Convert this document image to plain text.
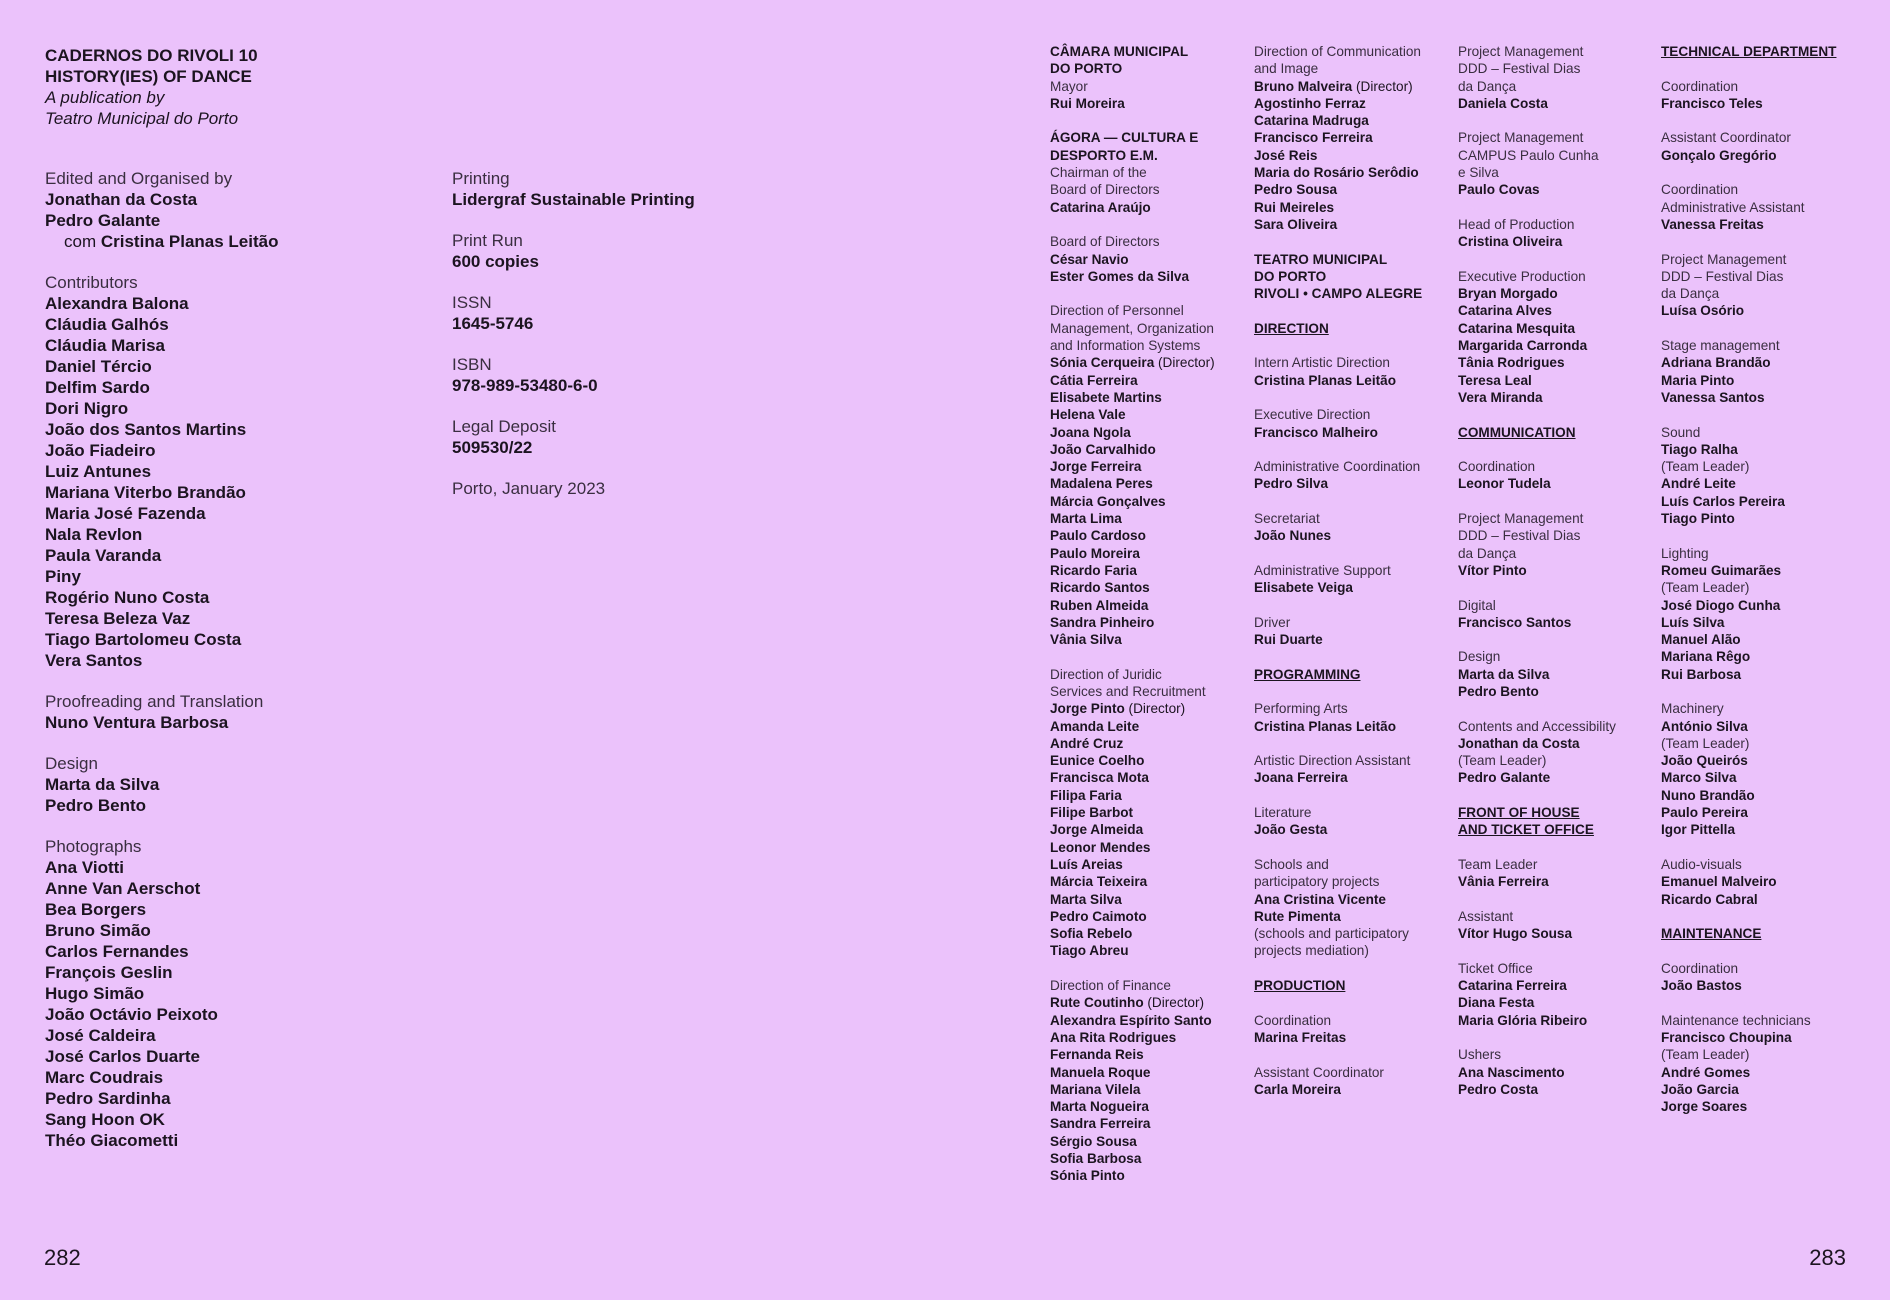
CADERNOS DO RIVOLI 10
HISTORY(IES) OF DANCE
A publication by
Teatro Municipal do Porto
Edited and Organised by
Jonathan da Costa
Pedro Galante
com Cristina Planas Leitão
Contributors
Alexandra Balona
Cláudia Galhós
Cláudia Marisa
Daniel Tércio
Delfim Sardo
Dori Nigro
João dos Santos Martins
João Fiadeiro
Luiz Antunes
Mariana Viterbo Brandão
Maria José Fazenda
Nala Revlon
Paula Varanda
Piny
Rogério Nuno Costa
Teresa Beleza Vaz
Tiago Bartolomeu Costa
Vera Santos
Proofreading and Translation
Nuno Ventura Barbosa
Design
Marta da Silva
Pedro Bento
Photographs
Ana Viotti
Anne Van Aerschot
Bea Borgers
Bruno Simão
Carlos Fernandes
François Geslin
Hugo Simão
João Octávio Peixoto
José Caldeira
José Carlos Duarte
Marc Coudrais
Pedro Sardinha
Sang Hoon OK
Théo Giacometti
Printing
Lidergraf Sustainable Printing
Print Run
600 copies
ISSN
1645-5746
ISBN
978-989-53480-6-0
Legal Deposit
509530/22
Porto, January 2023
CÂMARA MUNICIPAL
DO PORTO
Mayor
Rui Moreira
ÁGORA — CULTURA E
DESPORTO E.M.
Chairman of the
Board of Directors
Catarina Araújo
Board of Directors
César Navio
Ester Gomes da Silva
Direction of Personnel
Management, Organization
and Information Systems
Sónia Cerqueira (Director)
Cátia Ferreira
Elisabete Martins
Helena Vale
Joana Ngola
João Carvalhido
Jorge Ferreira
Madalena Peres
Márcia Gonçalves
Marta Lima
Paulo Cardoso
Paulo Moreira
Ricardo Faria
Ricardo Santos
Ruben Almeida
Sandra Pinheiro
Vânia Silva
Direction of Juridic
Services and Recruitment
Jorge Pinto (Director)
Amanda Leite
André Cruz
Eunice Coelho
Francisca Mota
Filipa Faria
Filipe Barbot
Jorge Almeida
Leonor Mendes
Luís Areias
Márcia Teixeira
Marta Silva
Pedro Caimoto
Sofia Rebelo
Tiago Abreu
Direction of Finance
Rute Coutinho (Director)
Alexandra Espírito Santo
Ana Rita Rodrigues
Fernanda Reis
Manuela Roque
Mariana Vilela
Marta Nogueira
Sandra Ferreira
Sérgio Sousa
Sofia Barbosa
Sónia Pinto
Direction of Communication
and Image
Bruno Malveira (Director)
Agostinho Ferraz
Catarina Madruga
Francisco Ferreira
José Reis
Maria do Rosário Serôdio
Pedro Sousa
Rui Meireles
Sara Oliveira
TEATRO MUNICIPAL
DO PORTO
RIVOLI • CAMPO ALEGRE
DIRECTION
Intern Artistic Direction
Cristina Planas Leitão
Executive Direction
Francisco Malheiro
Administrative Coordination
Pedro Silva
Secretariat
João Nunes
Administrative Support
Elisabete Veiga
Driver
Rui Duarte
PROGRAMMING
Performing Arts
Cristina Planas Leitão
Artistic Direction Assistant
Joana Ferreira
Literature
João Gesta
Schools and
participatory projects
Ana Cristina Vicente
Rute Pimenta
(schools and participatory
projects mediation)
PRODUCTION
Coordination
Marina Freitas
Assistant Coordinator
Carla Moreira
Project Management
DDD – Festival Dias
da Dança
Daniela Costa
Project Management
CAMPUS Paulo Cunha
e Silva
Paulo Covas
Head of Production
Cristina Oliveira
Executive Production
Bryan Morgado
Catarina Alves
Catarina Mesquita
Margarida Carronda
Tânia Rodrigues
Teresa Leal
Vera Miranda
COMMUNICATION
Coordination
Leonor Tudela
Project Management
DDD – Festival Dias
da Dança
Vítor Pinto
Digital
Francisco Santos
Design
Marta da Silva
Pedro Bento
Contents and Accessibility
Jonathan da Costa
(Team Leader)
Pedro Galante
FRONT OF HOUSE
AND TICKET OFFICE
Team Leader
Vânia Ferreira
Assistant
Vítor Hugo Sousa
Ticket Office
Catarina Ferreira
Diana Festa
Maria Glória Ribeiro
Ushers
Ana Nascimento
Pedro Costa
TECHNICAL DEPARTMENT
Coordination
Francisco Teles
Assistant Coordinator
Gonçalo Gregório
Coordination
Administrative Assistant
Vanessa Freitas
Project Management
DDD – Festival Dias
da Dança
Luísa Osório
Stage management
Adriana Brandão
Maria Pinto
Vanessa Santos
Sound
Tiago Ralha
(Team Leader)
André Leite
Luís Carlos Pereira
Tiago Pinto
Lighting
Romeu Guimarães
(Team Leader)
José Diogo Cunha
Luís Silva
Manuel Alão
Mariana Rêgo
Rui Barbosa
Machinery
António Silva
(Team Leader)
João Queirós
Marco Silva
Nuno Brandão
Paulo Pereira
Igor Pittella
Audio-visuals
Emanuel Malveiro
Ricardo Cabral
MAINTENANCE
Coordination
João Bastos
Maintenance technicians
Francisco Choupina
(Team Leader)
André Gomes
João Garcia
Jorge Soares
282	283
